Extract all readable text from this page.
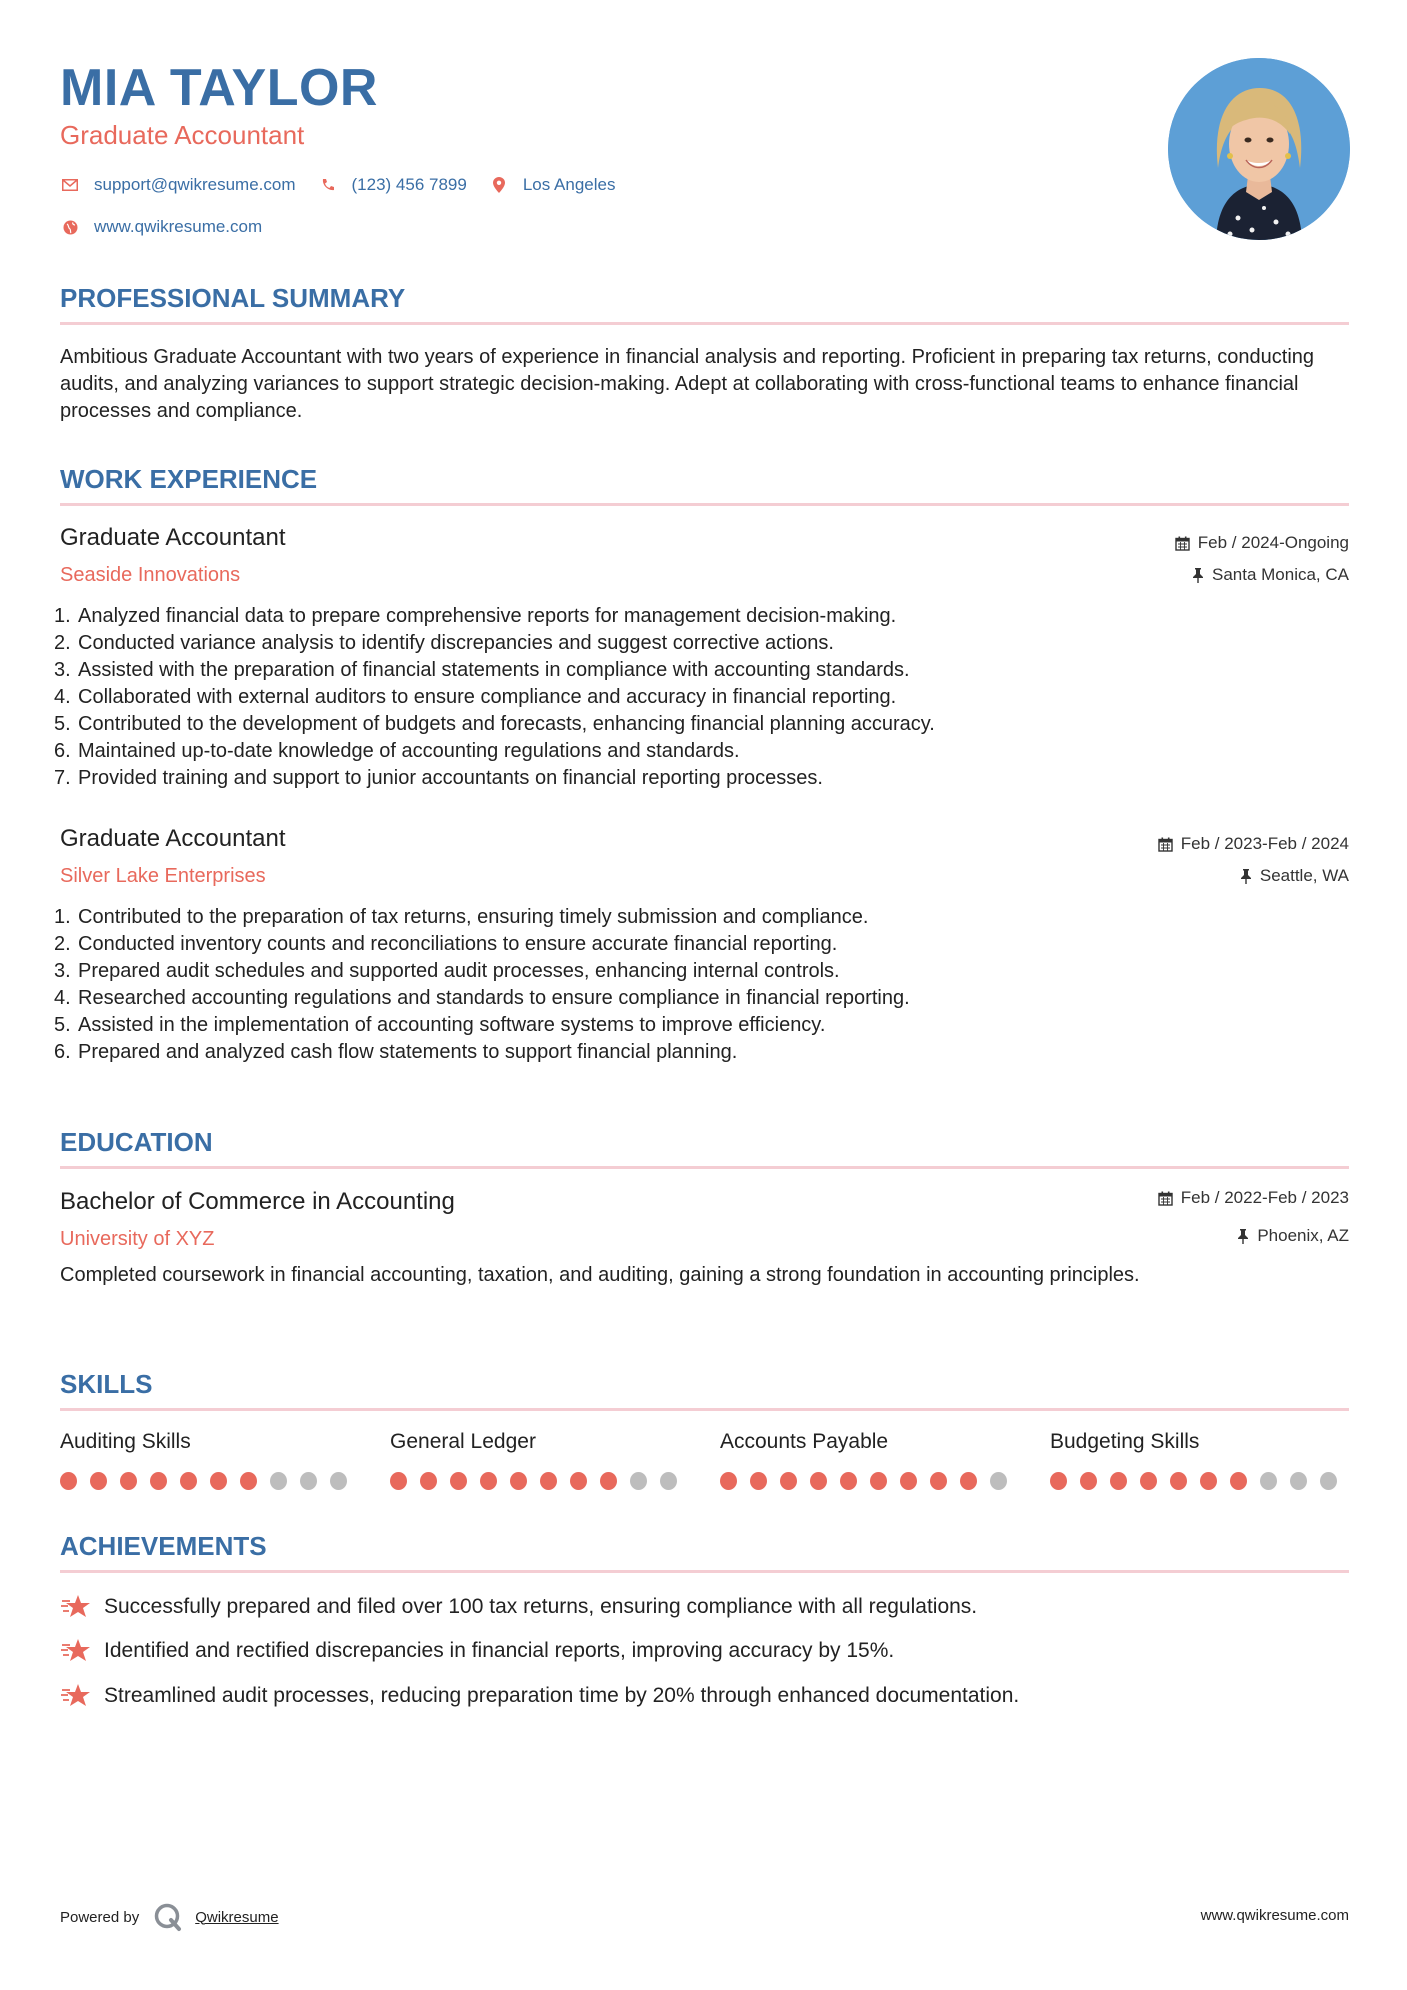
MIA TAYLOR
Graduate Accountant
support@qwikresume.com	(123) 456 7899	Los Angeles
www.qwikresume.com
PROFESSIONAL SUMMARY
Ambitious Graduate Accountant with two years of experience in financial analysis and reporting. Proficient in preparing tax returns, conducting audits, and analyzing variances to support strategic decision-making. Adept at collaborating with cross-functional teams to enhance financial processes and compliance.
WORK EXPERIENCE
Graduate Accountant
Seaside Innovations
Feb / 2024-Ongoing
Santa Monica, CA
1. Analyzed financial data to prepare comprehensive reports for management decision-making.
2. Conducted variance analysis to identify discrepancies and suggest corrective actions.
3. Assisted with the preparation of financial statements in compliance with accounting standards.
4. Collaborated with external auditors to ensure compliance and accuracy in financial reporting.
5. Contributed to the development of budgets and forecasts, enhancing financial planning accuracy.
6. Maintained up-to-date knowledge of accounting regulations and standards.
7. Provided training and support to junior accountants on financial reporting processes.
Graduate Accountant
Silver Lake Enterprises
Feb / 2023-Feb / 2024
Seattle, WA
1. Contributed to the preparation of tax returns, ensuring timely submission and compliance.
2. Conducted inventory counts and reconciliations to ensure accurate financial reporting.
3. Prepared audit schedules and supported audit processes, enhancing internal controls.
4. Researched accounting regulations and standards to ensure compliance in financial reporting.
5. Assisted in the implementation of accounting software systems to improve efficiency.
6. Prepared and analyzed cash flow statements to support financial planning.
EDUCATION
Bachelor of Commerce in Accounting
University of XYZ
Feb / 2022-Feb / 2023
Phoenix, AZ
Completed coursework in financial accounting, taxation, and auditing, gaining a strong foundation in accounting principles.
SKILLS
Auditing Skills	General Ledger	Accounts Payable	Budgeting Skills
ACHIEVEMENTS
Successfully prepared and filed over 100 tax returns, ensuring compliance with all regulations.
Identified and rectified discrepancies in financial reports, improving accuracy by 15%.
Streamlined audit processes, reducing preparation time by 20% through enhanced documentation.
Powered by	Qwikresume	www.qwikresume.com
